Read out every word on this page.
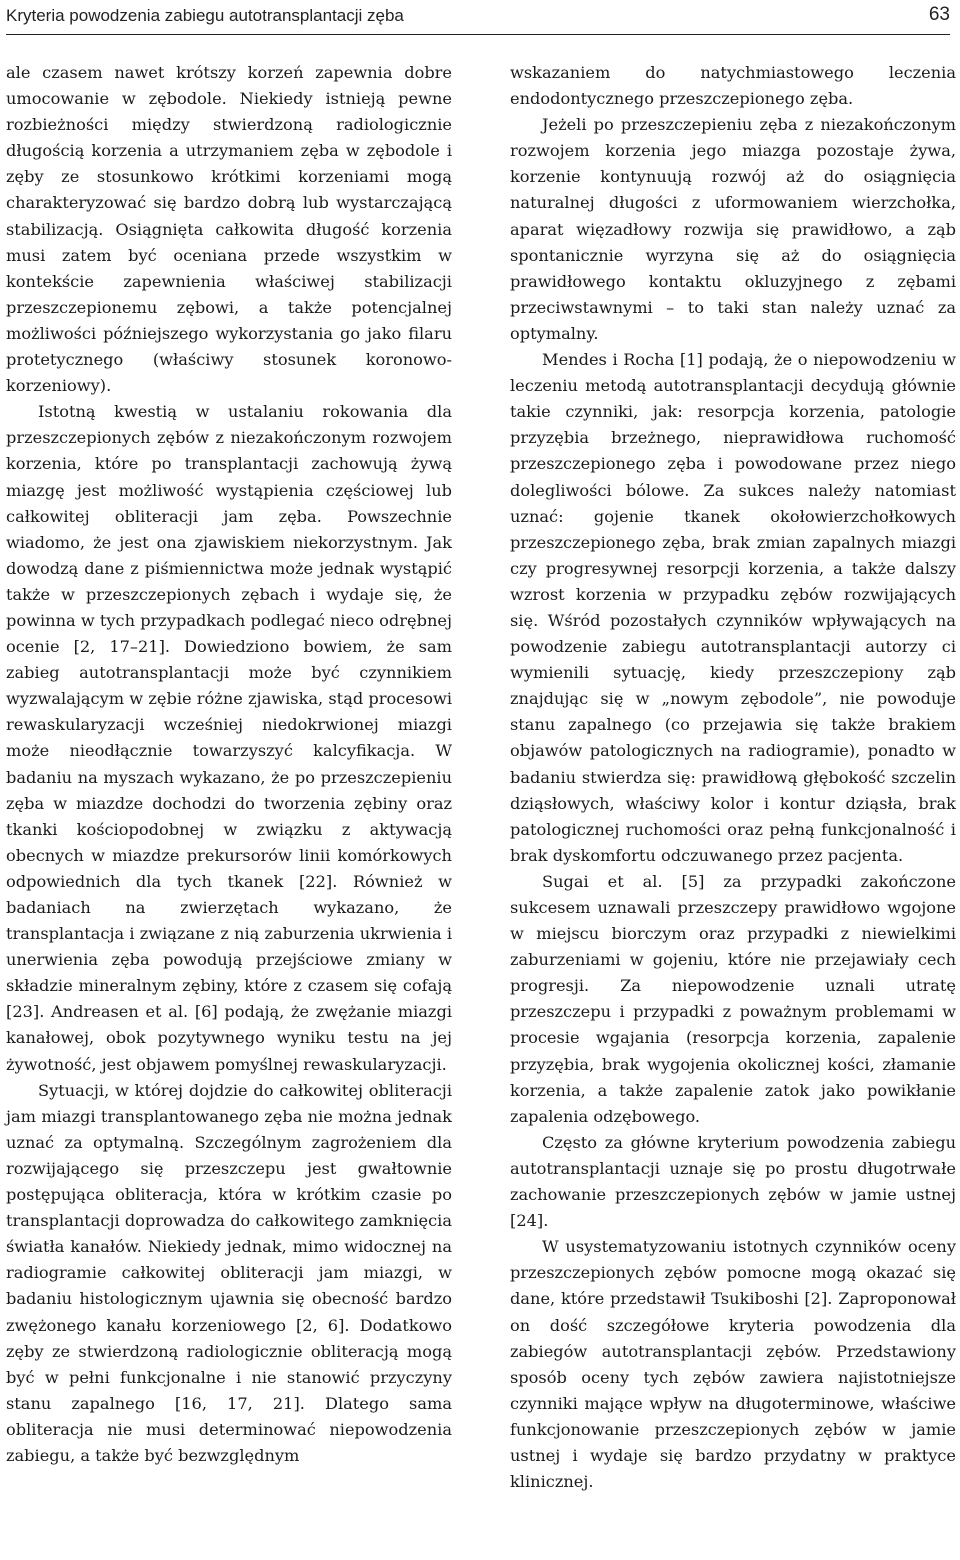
Kryteria powodzenia zabiegu autotransplantacji zęba	63

ale czasem nawet krótszy korzeń zapewnia dobre umocowanie w zębodole. Niekiedy istnieją pewne rozbieżności między stwierdzoną radiologicznie długością korzenia a utrzymaniem zęba w zębodole i zęby ze stosunkowo krótkimi korzeniami mogą charakteryzować się bardzo dobrą lub wystarczającą stabilizacją. Osiągnięta całkowita długość korzenia musi zatem być oceniana przede wszystkim w kontekście zapewnienia właściwej stabilizacji przeszczepionemu zębowi, a także potencjalnej możliwości późniejszego wykorzystania go jako filaru protetycznego (właściwy stosunek koronowo-korzeniowy).

Istotną kwestią w ustalaniu rokowania dla przeszczepionych zębów z niezakończonym rozwojem korzenia, które po transplantacji zachowują żywą miazgę jest możliwość wystąpienia częściowej lub całkowitej obliteracji jam zęba. Powszechnie wiadomo, że jest ona zjawiskiem niekorzystnym. Jak dowodzą dane z piśmiennictwa może jednak wystąpić także w przeszczepionych zębach i wydaje się, że powinna w tych przypadkach podlegać nieco odrębnej ocenie [2, 17–21]. Dowiedziono bowiem, że sam zabieg autotransplantacji może być czynnikiem wyzwalającym w zębie różne zjawiska, stąd procesowi rewaskularyzacji wcześniej niedokrwionej miazgi może nieodłącznie towarzyszyć kalcyfikacja. W badaniu na myszach wykazano, że po przeszczepieniu zęba w miazdze dochodzi do tworzenia zębiny oraz tkanki kościopodobnej w związku z aktywacją obecnych w miazdze prekursorów linii komórkowych odpowiednich dla tych tkanek [22]. Również w badaniach na zwierzętach wykazano, że transplantacja i związane z nią zaburzenia ukrwienia i unerwienia zęba powodują przejściowe zmiany w składzie mineralnym zębiny, które z czasem się cofają [23]. Andreasen et al. [6] podają, że zwężanie miazgi kanałowej, obok pozytywnego wyniku testu na jej żywotność, jest objawem pomyślnej rewaskularyzacji.

Sytuacji, w której dojdzie do całkowitej obliteracji jam miazgi transplantowanego zęba nie można jednak uznać za optymalną. Szczególnym zagrożeniem dla rozwijającego się przeszczepu jest gwałtownie postępująca obliteracja, która w krótkim czasie po transplantacji doprowadza do całkowitego zamknięcia światła kanałów. Niekiedy jednak, mimo widocznej na radiogramie całkowitej obliteracji jam miazgi, w badaniu histologicznym ujawnia się obecność bardzo zwężonego kanału korzeniowego [2, 6]. Dodatkowo zęby ze stwierdzoną radiologicznie obliteracją mogą być w pełni funkcjonalne i nie stanowić przyczyny stanu zapalnego [16, 17, 21]. Dlatego sama obliteracja nie musi determinować niepowodzenia zabiegu, a także być bezwzględnym

wskazaniem do natychmiastowego leczenia endodontycznego przeszczepionego zęba.

Jeżeli po przeszczepieniu zęba z niezakończonym rozwojem korzenia jego miazga pozostaje żywa, korzenie kontynuują rozwój aż do osiągnięcia naturalnej długości z uformowaniem wierzchołka, aparat więzadłowy rozwija się prawidłowo, a ząb spontanicznie wyrzyna się aż do osiągnięcia prawidłowego kontaktu okluzyjnego z zębami przeciwstawnymi – to taki stan należy uznać za optymalny.

Mendes i Rocha [1] podają, że o niepowodzeniu w leczeniu metodą autotransplantacji decydują głównie takie czynniki, jak: resorpcja korzenia, patologie przyzębia brzeżnego, nieprawidłowa ruchomość przeszczepionego zęba i powodowane przez niego dolegliwości bólowe. Za sukces należy natomiast uznać: gojenie tkanek okołowierzchołkowych przeszczepionego zęba, brak zmian zapalnych miazgi czy progresywnej resorpcji korzenia, a także dalszy wzrost korzenia w przypadku zębów rozwijających się. Wśród pozostałych czynników wpływających na powodzenie zabiegu autotransplantacji autorzy ci wymienili sytuację, kiedy przeszczepiony ząb znajdując się w „nowym zębodole”, nie powoduje stanu zapalnego (co przejawia się także brakiem objawów patologicznych na radiogramie), ponadto w badaniu stwierdza się: prawidłową głębokość szczelin dziąsłowych, właściwy kolor i kontur dziąsła, brak patologicznej ruchomości oraz pełną funkcjonalność i brak dyskomfortu odczuwanego przez pacjenta.

Sugai et al. [5] za przypadki zakończone sukcesem uznawali przeszczepy prawidłowo wgojone w miejscu biorczym oraz przypadki z niewielkimi zaburzeniami w gojeniu, które nie przejawiały cech progresji. Za niepowodzenie uznali utratę przeszczepu i przypadki z poważnym problemami w procesie wgajania (resorpcja korzenia, zapalenie przyzębia, brak wygojenia okolicznej kości, złamanie korzenia, a także zapalenie zatok jako powikłanie zapalenia odzębowego.

Często za główne kryterium powodzenia zabiegu autotransplantacji uznaje się po prostu długotrwałe zachowanie przeszczepionych zębów w jamie ustnej [24].

W usystematyzowaniu istotnych czynników oceny przeszczepionych zębów pomocne mogą okazać się dane, które przedstawił Tsukiboshi [2]. Zaproponował on dość szczegółowe kryteria powodzenia dla zabiegów autotransplantacji zębów. Przedstawiony sposób oceny tych zębów zawiera najistotniejsze czynniki mające wpływ na długoterminowe, właściwe funkcjonowanie przeszczepionych zębów w jamie ustnej i wydaje się bardzo przydatny w praktyce klinicznej.
